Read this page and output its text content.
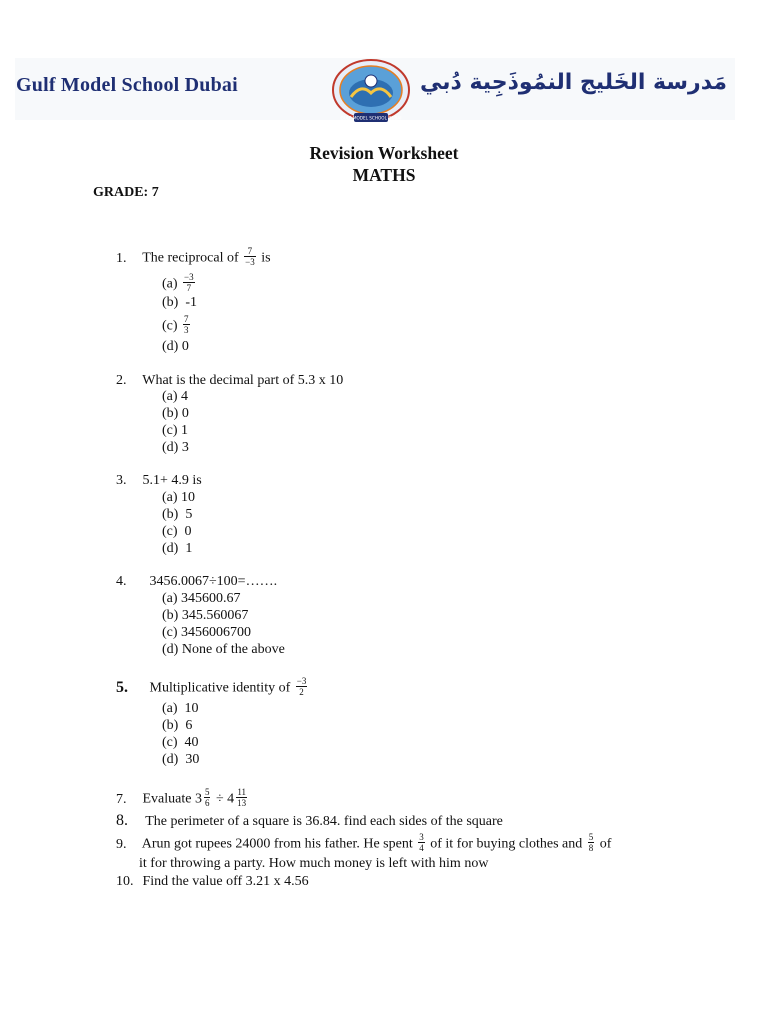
Gulf Model School Dubai
GULF MODEL SCHOOL DUBAI
مَدرسة الخَليج النمُوذَجِية دُبي
Revision Worksheet
MATHS
GRADE: 7
1. The reciprocal of $\frac{7}{-3}$ is
$(a) \frac{-3}{7}$
(b) -1
$(c) \frac{7}{3}$
(d) 0
2. What is the decimal part of 5.3 x 10
(a) 4
(b) 0
(c) 1
(d) 3
3. 5.1+ 4.9 is
(a) 10
(b) 5
(c) 0
(d) 1
4. 3456.0067÷100=…….
(a) 345600.67
(b) 345.560067
(c) 3456006700
(d) None of the above
5. Multiplicative identity of $\frac{-3}{2}$
(a) 10
(b) 6
(c) 40
(d) 30
7. Evaluate $3 \frac{5}{6} \div 4 \frac{11}{13}$
8. The perimeter of a square is 36.84. find each sides of the square
9. Arun got rupees 24000 from his father. He spent $\frac{3}{4}$ of it for buying clothes and $\frac{5}{8}$ of
it for throwing a party. How much money is left with him now
10. Find the value off 3.21 x 4.56
